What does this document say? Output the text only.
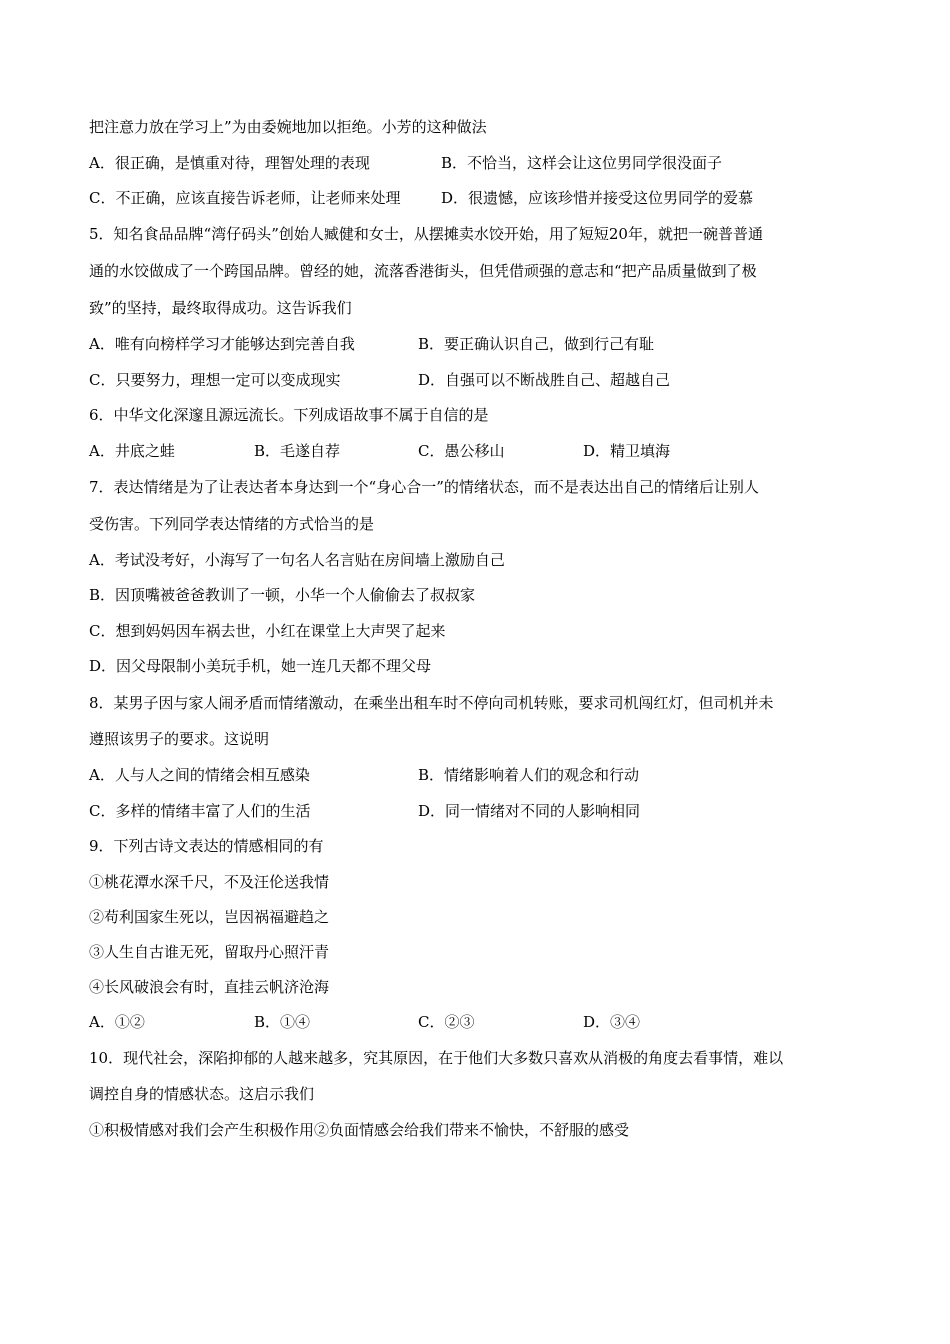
把注意力放在学习上”为由委婉地加以拒绝。小芳的这种做法
A．很正确，是慎重对待，理智处理的表现	B．不恰当，这样会让这位男同学很没面子
C．不正确，应该直接告诉老师，让老师来处理	D．很遗憾，应该珍惜并接受这位男同学的爱慕
5．知名食品品牌“湾仔码头”创始人臧健和女士，从摆摊卖水饺开始，用了短短20年，就把一碗普普通
通的水饺做成了一个跨国品牌。曾经的她，流落香港街头，但凭借顽强的意志和“把产品质量做到了极
致”的坚持，最终取得成功。这告诉我们
A．唯有向榜样学习才能够达到完善自我	B．要正确认识自己，做到行己有耻
C．只要努力，理想一定可以变成现实	D．自强可以不断战胜自己、超越自己
6．中华文化深邃且源远流长。下列成语故事不属于自信的是
A．井底之蛙	B．毛遂自荐	C．愚公移山	D．精卫填海
7．表达情绪是为了让表达者本身达到一个“身心合一”的情绪状态，而不是表达出自己的情绪后让别人
受伤害。下列同学表达情绪的方式恰当的是
A．考试没考好，小海写了一句名人名言贴在房间墙上激励自己
B．因顶嘴被爸爸教训了一顿，小华一个人偷偷去了叔叔家
C．想到妈妈因车祸去世，小红在课堂上大声哭了起来
D．因父母限制小美玩手机，她一连几天都不理父母
8．某男子因与家人闹矛盾而情绪激动，在乘坐出租车时不停向司机转账，要求司机闯红灯，但司机并未
遵照该男子的要求。这说明
A．人与人之间的情绪会相互感染	B．情绪影响着人们的观念和行动
C．多样的情绪丰富了人们的生活	D．同一情绪对不同的人影响相同
9．下列古诗文表达的情感相同的有
①桃花潭水深千尺，不及汪伦送我情
②苟利国家生死以，岂因祸福避趋之
③人生自古谁无死，留取丹心照汗青
④长风破浪会有时，直挂云帆济沧海
A．①②	B．①④	C．②③	D．③④
10．现代社会，深陷抑郁的人越来越多，究其原因，在于他们大多数只喜欢从消极的角度去看事情，难以
调控自身的情感状态。这启示我们
①积极情感对我们会产生积极作用②负面情感会给我们带来不愉快，不舒服的感受
